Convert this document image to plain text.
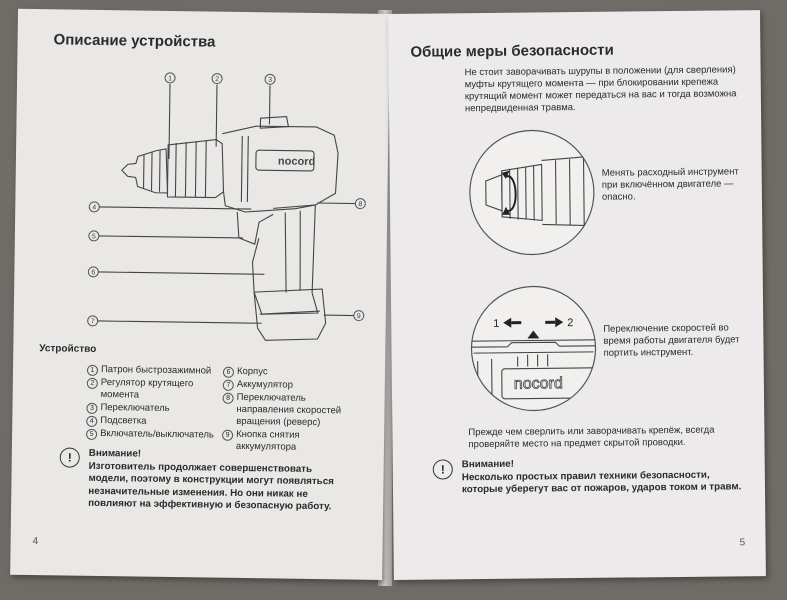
Описание устройства
nocord
1	2	3
4
5
6
7
8
9
Устройство
1 Патрон быстрозажимной
2 Регулятор крутящего момента
3 Переключатель
4 Подсветка
5 Включатель/выключатель
6 Корпус
7 Аккумулятор
8 Переключатель направления скоростей вращения (реверс)
9 Кнопка снятия аккумулятора
!	Внимание!
Изготовитель продолжает совершенствовать модели, поэтому в конструкции могут появляться незначительные изменения. Но они никак не повлияют на эффективную и безопасную работу.
4
Общие меры безопасности
Не стоит заворачивать шурупы в положении (для сверления) муфты крутящего момента — при блокировании крепежа крутящий момент может передаться на вас и тогда возможна непредвиденная травма.
Менять расходный инструмент при включённом двигателе — опасно.
1	2
nocord
Переключение скоростей во время работы двигателя будет портить инструмент.
Прежде чем сверлить или заворачивать крепёж, всегда проверяйте место на предмет скрытой проводки.
!	Внимание!
Несколько простых правил техники безопасности, которые уберегут вас от пожаров, ударов током и травм.
5
